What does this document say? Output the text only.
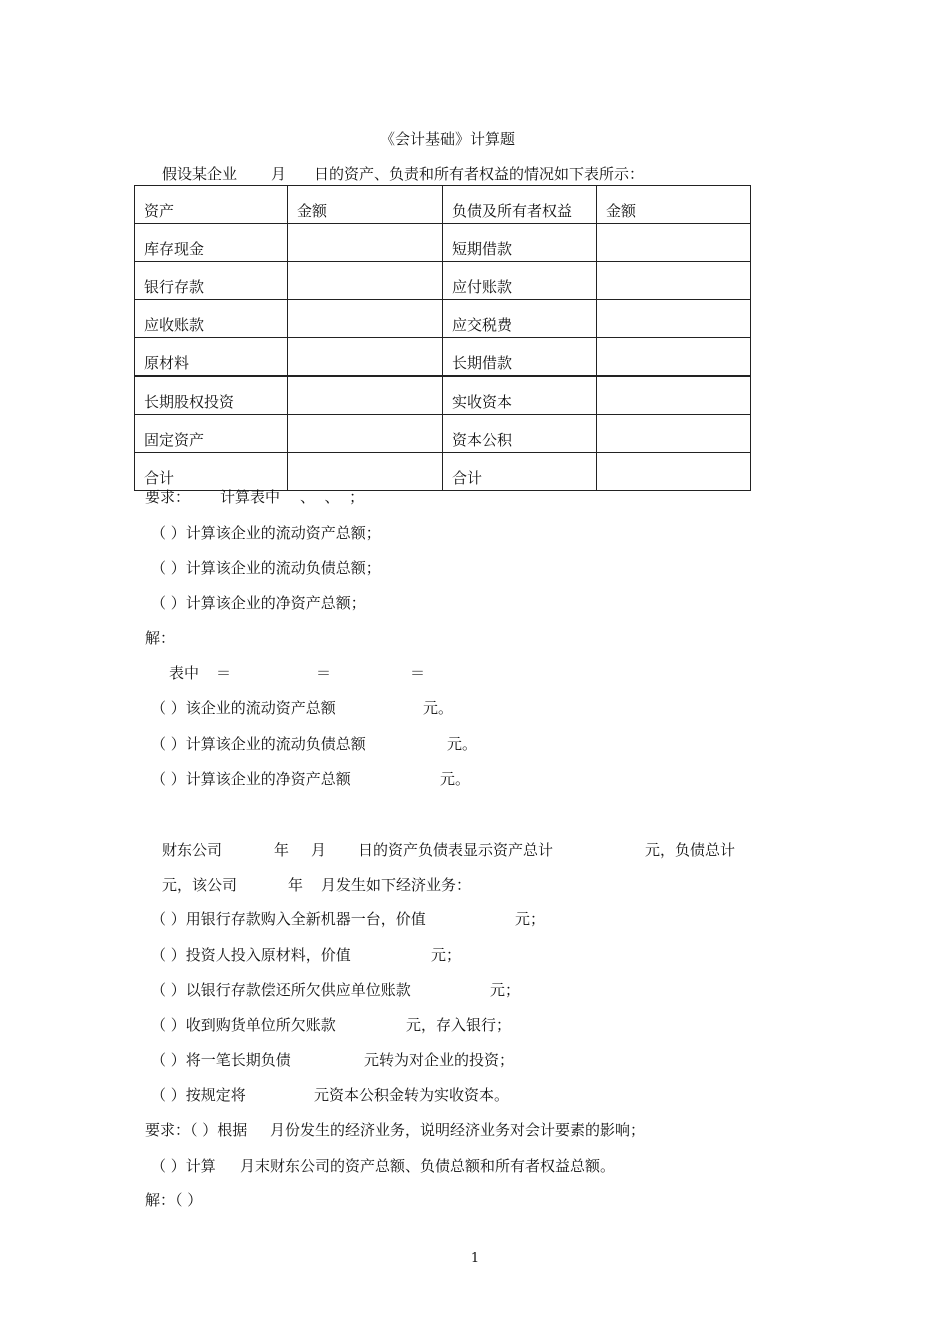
《会计基础》计算题
假设某企业 月 日的资产、负责和所有者权益的情况如下表所示：
资产	金额	负债及所有者权益	金额
库存现金		短期借款	
银行存款		应付账款	
应收账款		应交税费	
原材料		长期借款	
长期股权投资		实收资本	
固定资产		资本公积	
合计		合计	
要求： 计算表中 、  、  ；
（ ）计算该企业的流动资产总额；
（ ）计算该企业的流动负债总额；
（ ）计算该企业的净资产总额；
解：
表中 ＝	＝	＝
（ ）该企业的流动资产总额	元。
（ ）计算该企业的流动负债总额	元。
（ ）计算该企业的净资产总额	元。
财东公司	年 月 日的资产负债表显示资产总计	元，负债总计
元，该公司	年 月发生如下经济业务：
（ ）用银行存款购入全新机器一台，价值	元；
（ ）投资人投入原材料，价值	元；
（ ）以银行存款偿还所欠供应单位账款	元；
（ ）收到购货单位所欠账款	元，存入银行；
（ ）将一笔长期负债	元转为对企业的投资；
（ ）按规定将	元资本公积金转为实收资本。
要求：（ ）根据 月份发生的经济业务，说明经济业务对会计要素的影响；
（ ）计算 月末财东公司的资产总额、负债总额和所有者权益总额。
解：（ ）
1
